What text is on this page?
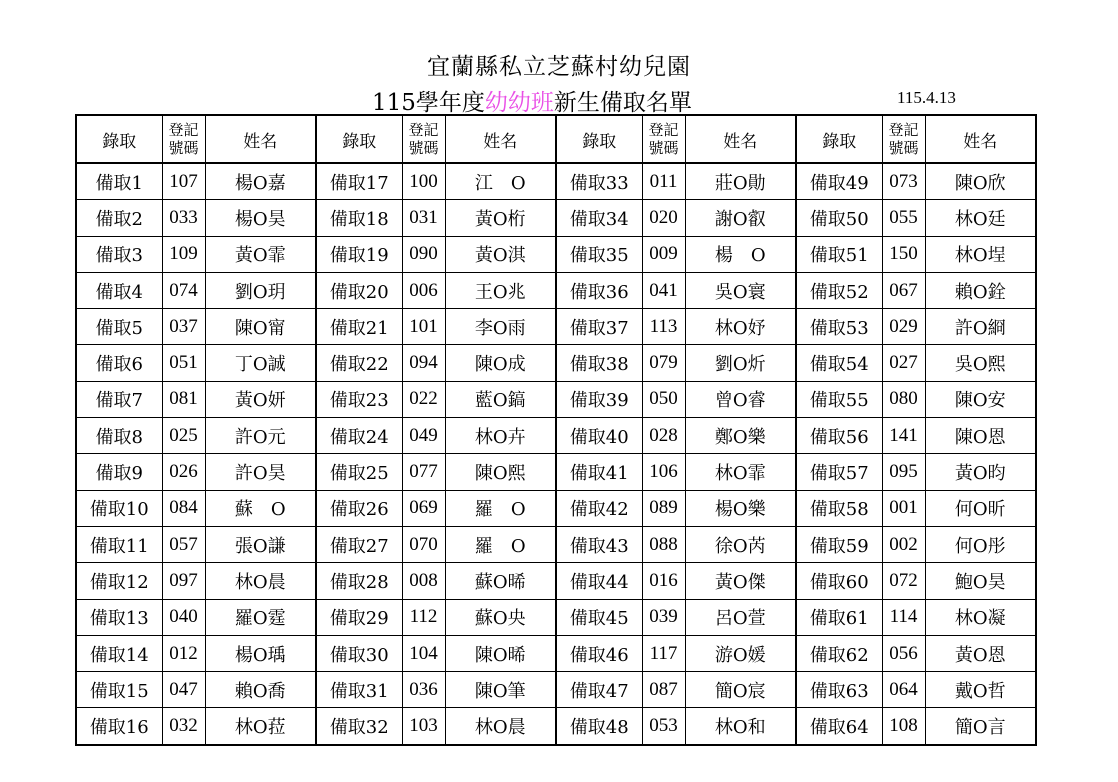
宜蘭縣私立芝蘇村幼兒園
115學年度幼幼班新生備取名單	115.4.13
錄取	登記號碼	姓名	錄取	登記號碼	姓名	錄取	登記號碼	姓名	錄取	登記號碼	姓名
備取1	107	楊O嘉	備取17	100	江　O	備取33	011	莊O勛	備取49	073	陳O欣
備取2	033	楊O昊	備取18	031	黃O桁	備取34	020	謝O叡	備取50	055	林O廷
備取3	109	黃O霏	備取19	090	黃O淇	備取35	009	楊　O	備取51	150	林O埕
備取4	074	劉O玥	備取20	006	王O兆	備取36	041	吳O寰	備取52	067	賴O銓
備取5	037	陳O甯	備取21	101	李O雨	備取37	113	林O妤	備取53	029	許O綗
備取6	051	丁O誠	備取22	094	陳O成	備取38	079	劉O炘	備取54	027	吳O熙
備取7	081	黃O妍	備取23	022	藍O鎬	備取39	050	曾O睿	備取55	080	陳O安
備取8	025	許O元	備取24	049	林O卉	備取40	028	鄭O樂	備取56	141	陳O恩
備取9	026	許O昊	備取25	077	陳O熙	備取41	106	林O霏	備取57	095	黃O昀
備取10	084	蘇　O	備取26	069	羅　O	備取42	089	楊O樂	備取58	001	何O昕
備取11	057	張O謙	備取27	070	羅　O	備取43	088	徐O芮	備取59	002	何O彤
備取12	097	林O晨	備取28	008	蘇O晞	備取44	016	黃O傑	備取60	072	鮑O昊
備取13	040	羅O霆	備取29	112	蘇O央	備取45	039	呂O萱	備取61	114	林O凝
備取14	012	楊O瑀	備取30	104	陳O晞	備取46	117	游O媛	備取62	056	黃O恩
備取15	047	賴O喬	備取31	036	陳O筆	備取47	087	簡O宸	備取63	064	戴O哲
備取16	032	林O菈	備取32	103	林O晨	備取48	053	林O和	備取64	108	簡O言
